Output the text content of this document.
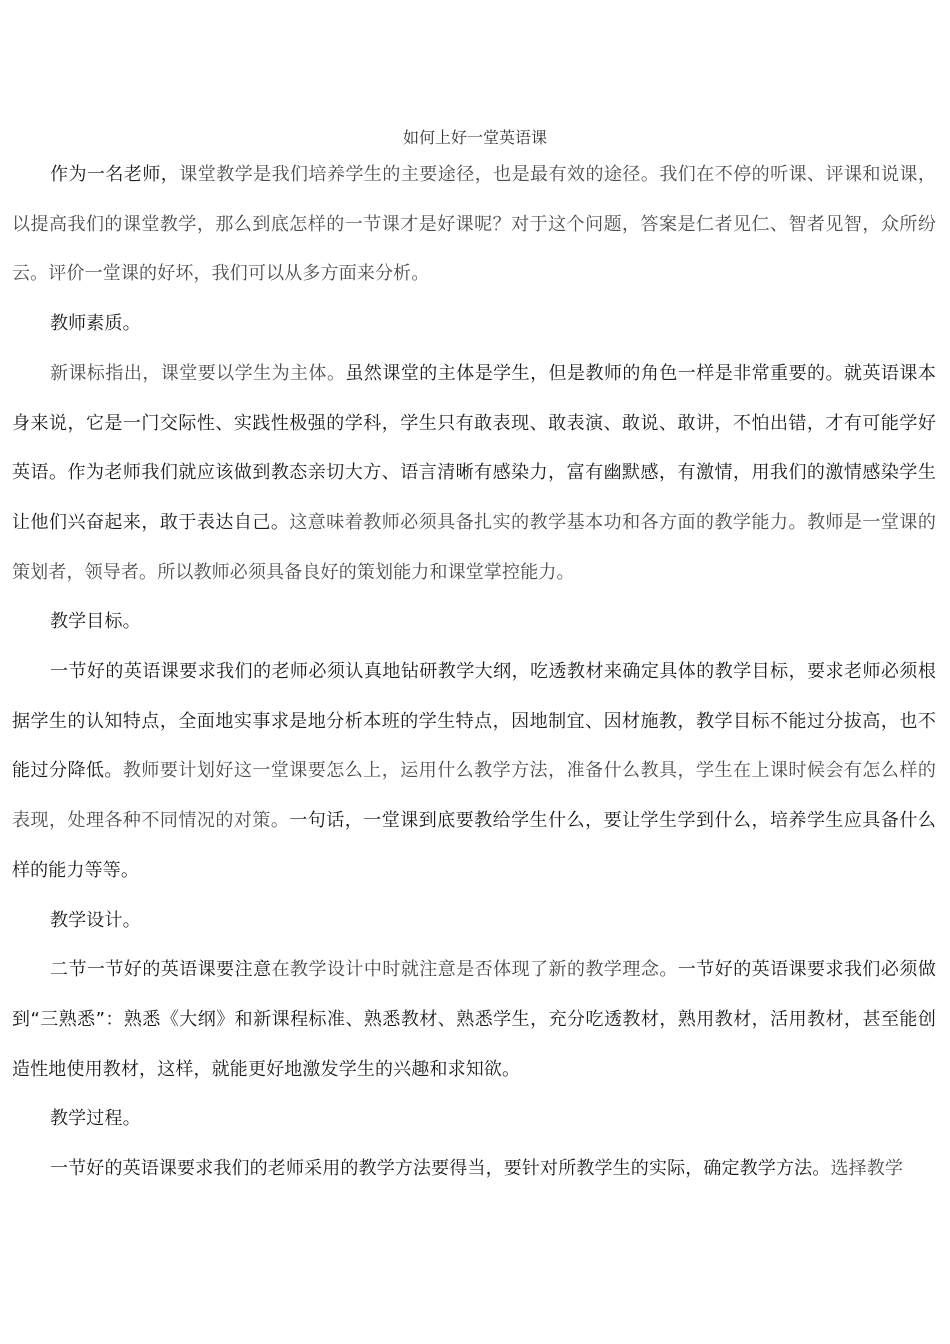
如何上好一堂英语课

作为一名老师，课堂教学是我们培养学生的主要途径，也是最有效的途径。我们在不停的听课、评课和说课，以提高我们的课堂教学，那么到底怎样的一节课才是好课呢？对于这个问题，答案是仁者见仁、智者见智，众所纷云。评价一堂课的好坏，我们可以从多方面来分析。

教师素质。

新课标指出，课堂要以学生为主体。虽然课堂的主体是学生，但是教师的角色一样是非常重要的。就英语课本身来说，它是一门交际性、实践性极强的学科，学生只有敢表现、敢表演、敢说、敢讲，不怕出错，才有可能学好英语。作为老师我们就应该做到教态亲切大方、语言清晰有感染力，富有幽默感，有激情，用我们的激情感染学生让他们兴奋起来，敢于表达自己。这意味着教师必须具备扎实的教学基本功和各方面的教学能力。教师是一堂课的策划者，领导者。所以教师必须具备良好的策划能力和课堂掌控能力。

教学目标。

一节好的英语课要求我们的老师必须认真地钻研教学大纲，吃透教材来确定具体的教学目标，要求老师必须根据学生的认知特点，全面地实事求是地分析本班的学生特点，因地制宜、因材施教，教学目标不能过分拔高，也不能过分降低。教师要计划好这一堂课要怎么上，运用什么教学方法，准备什么教具，学生在上课时候会有怎么样的表现，处理各种不同情况的对策。一句话，一堂课到底要教给学生什么，要让学生学到什么，培养学生应具备什么样的能力等等。

教学设计。

二节一节好的英语课要注意在教学设计中时就注意是否体现了新的教学理念。一节好的英语课要求我们必须做到“三熟悉”：熟悉《大纲》和新课程标准、熟悉教材、熟悉学生，充分吃透教材，熟用教材，活用教材，甚至能创造性地使用教材，这样，就能更好地激发学生的兴趣和求知欲。

教学过程。

一节好的英语课要求我们的老师采用的教学方法要得当，要针对所教学生的实际，确定教学方法。选择教学
